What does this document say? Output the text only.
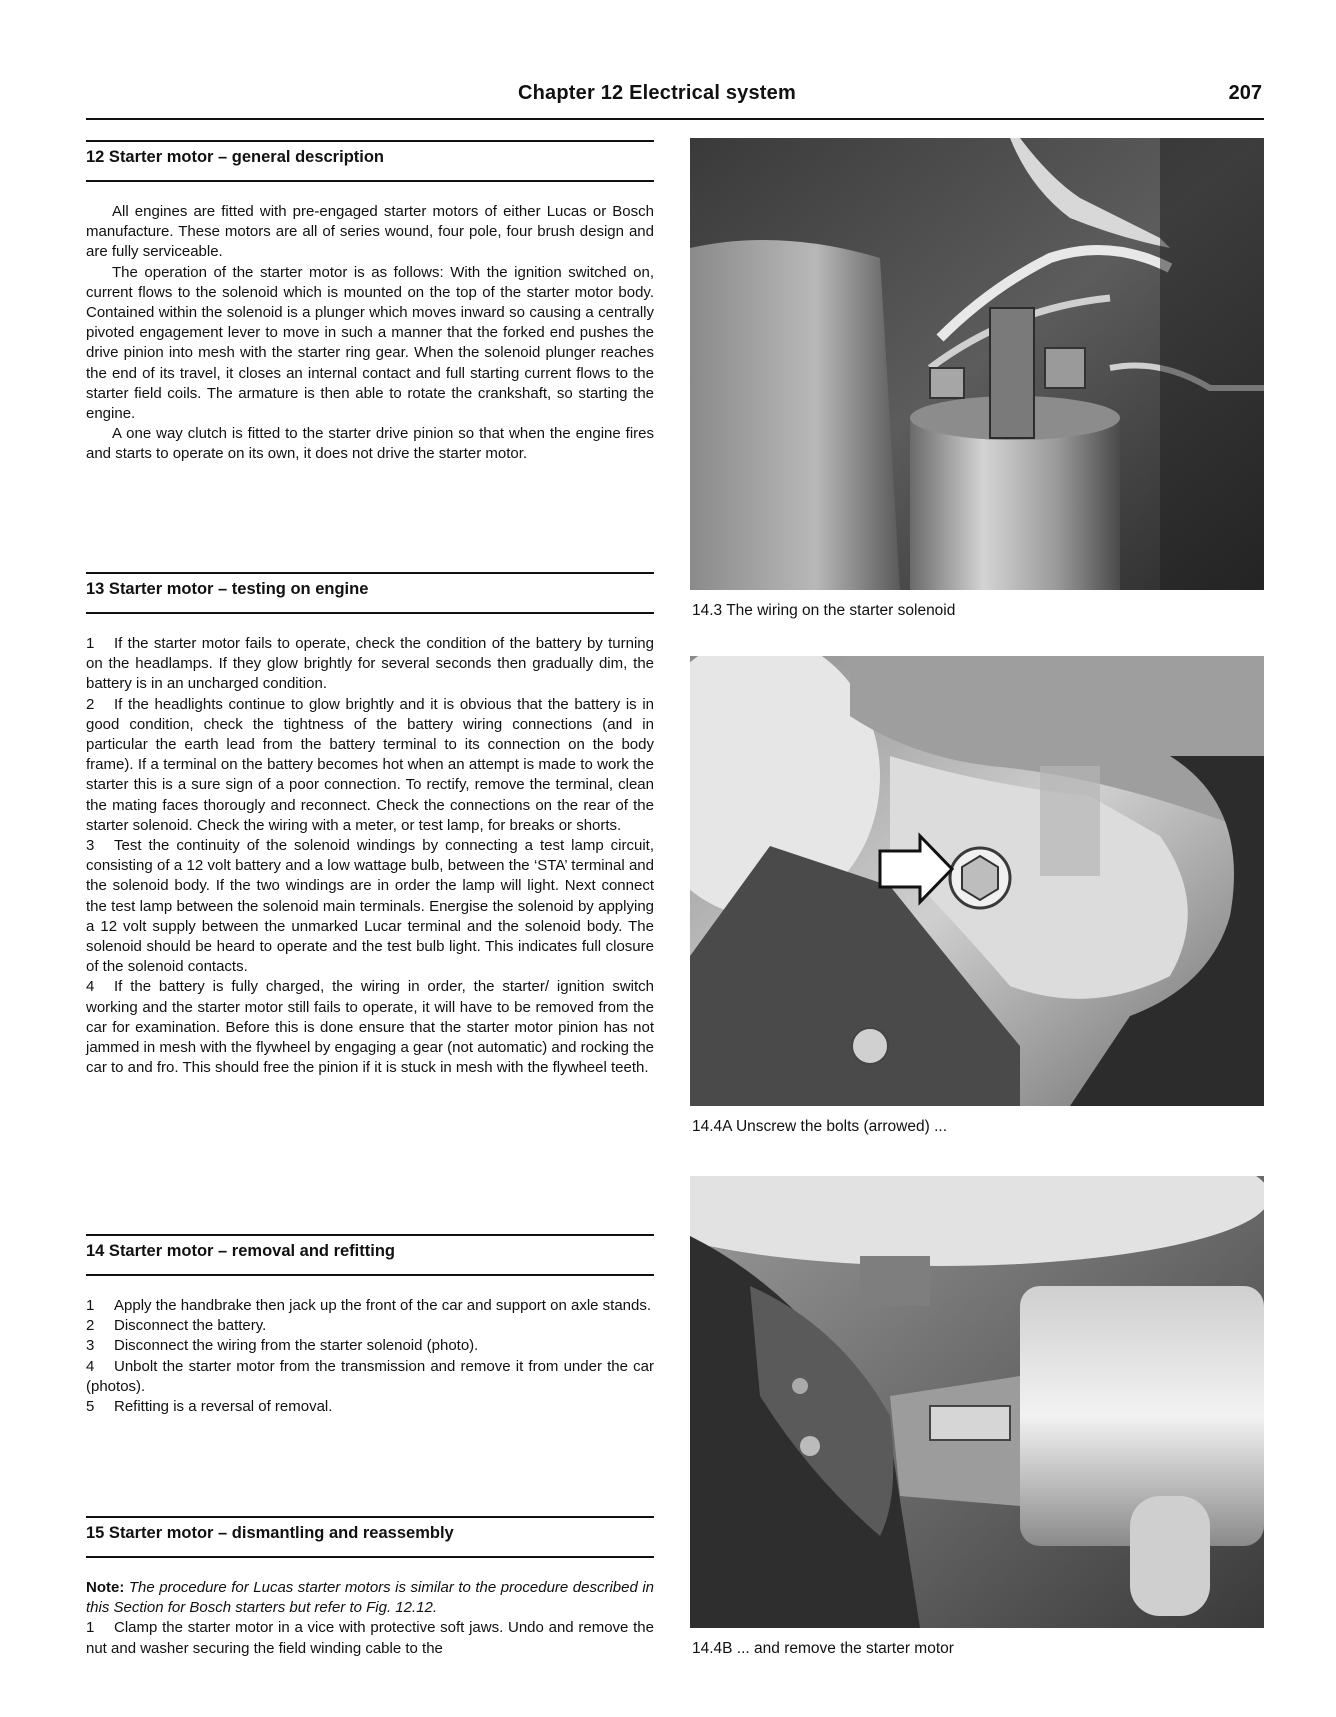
Chapter 12 Electrical system	207
12 Starter motor – general description

All engines are fitted with pre-engaged starter motors of either Lucas or Bosch manufacture. These motors are all of series wound, four pole, four brush design and are fully serviceable.

The operation of the starter motor is as follows: With the ignition switched on, current flows to the solenoid which is mounted on the top of the starter motor body. Contained within the solenoid is a plunger which moves inward so causing a centrally pivoted engagement lever to move in such a manner that the forked end pushes the drive pinion into mesh with the starter ring gear. When the solenoid plunger reaches the end of its travel, it closes an internal contact and full starting current flows to the starter field coils. The armature is then able to rotate the crankshaft, so starting the engine.

A one way clutch is fitted to the starter drive pinion so that when the engine fires and starts to operate on its own, it does not drive the starter motor.

13 Starter motor – testing on engine

1 If the starter motor fails to operate, check the condition of the battery by turning on the headlamps. If they glow brightly for several seconds then gradually dim, the battery is in an uncharged condition.

2 If the headlights continue to glow brightly and it is obvious that the battery is in good condition, check the tightness of the battery wiring connections (and in particular the earth lead from the battery terminal to its connection on the body frame). If a terminal on the battery becomes hot when an attempt is made to work the starter this is a sure sign of a poor connection. To rectify, remove the terminal, clean the mating faces thorougly and reconnect. Check the connections on the rear of the starter solenoid. Check the wiring with a meter, or test lamp, for breaks or shorts.

3 Test the continuity of the solenoid windings by connecting a test lamp circuit, consisting of a 12 volt battery and a low wattage bulb, between the ‘STA’ terminal and the solenoid body. If the two windings are in order the lamp will light. Next connect the test lamp between the solenoid main terminals. Energise the solenoid by applying a 12 volt supply between the unmarked Lucar terminal and the solenoid body. The solenoid should be heard to operate and the test bulb light. This indicates full closure of the solenoid contacts.

4 If the battery is fully charged, the wiring in order, the starter/ ignition switch working and the starter motor still fails to operate, it will have to be removed from the car for examination. Before this is done ensure that the starter motor pinion has not jammed in mesh with the flywheel by engaging a gear (not automatic) and rocking the car to and fro. This should free the pinion if it is stuck in mesh with the flywheel teeth.

14 Starter motor – removal and refitting

1 Apply the handbrake then jack up the front of the car and support on axle stands.

2 Disconnect the battery.

3 Disconnect the wiring from the starter solenoid (photo).

4 Unbolt the starter motor from the transmission and remove it from under the car (photos).

5 Refitting is a reversal of removal.

15 Starter motor – dismantling and reassembly

Note: The procedure for Lucas starter motors is similar to the procedure described in this Section for Bosch starters but refer to Fig. 12.12.

1 Clamp the starter motor in a vice with protective soft jaws. Undo and remove the nut and washer securing the field winding cable to the

14.3 The wiring on the starter solenoid
14.4A Unscrew the bolts (arrowed) ...
14.4B ... and remove the starter motor
